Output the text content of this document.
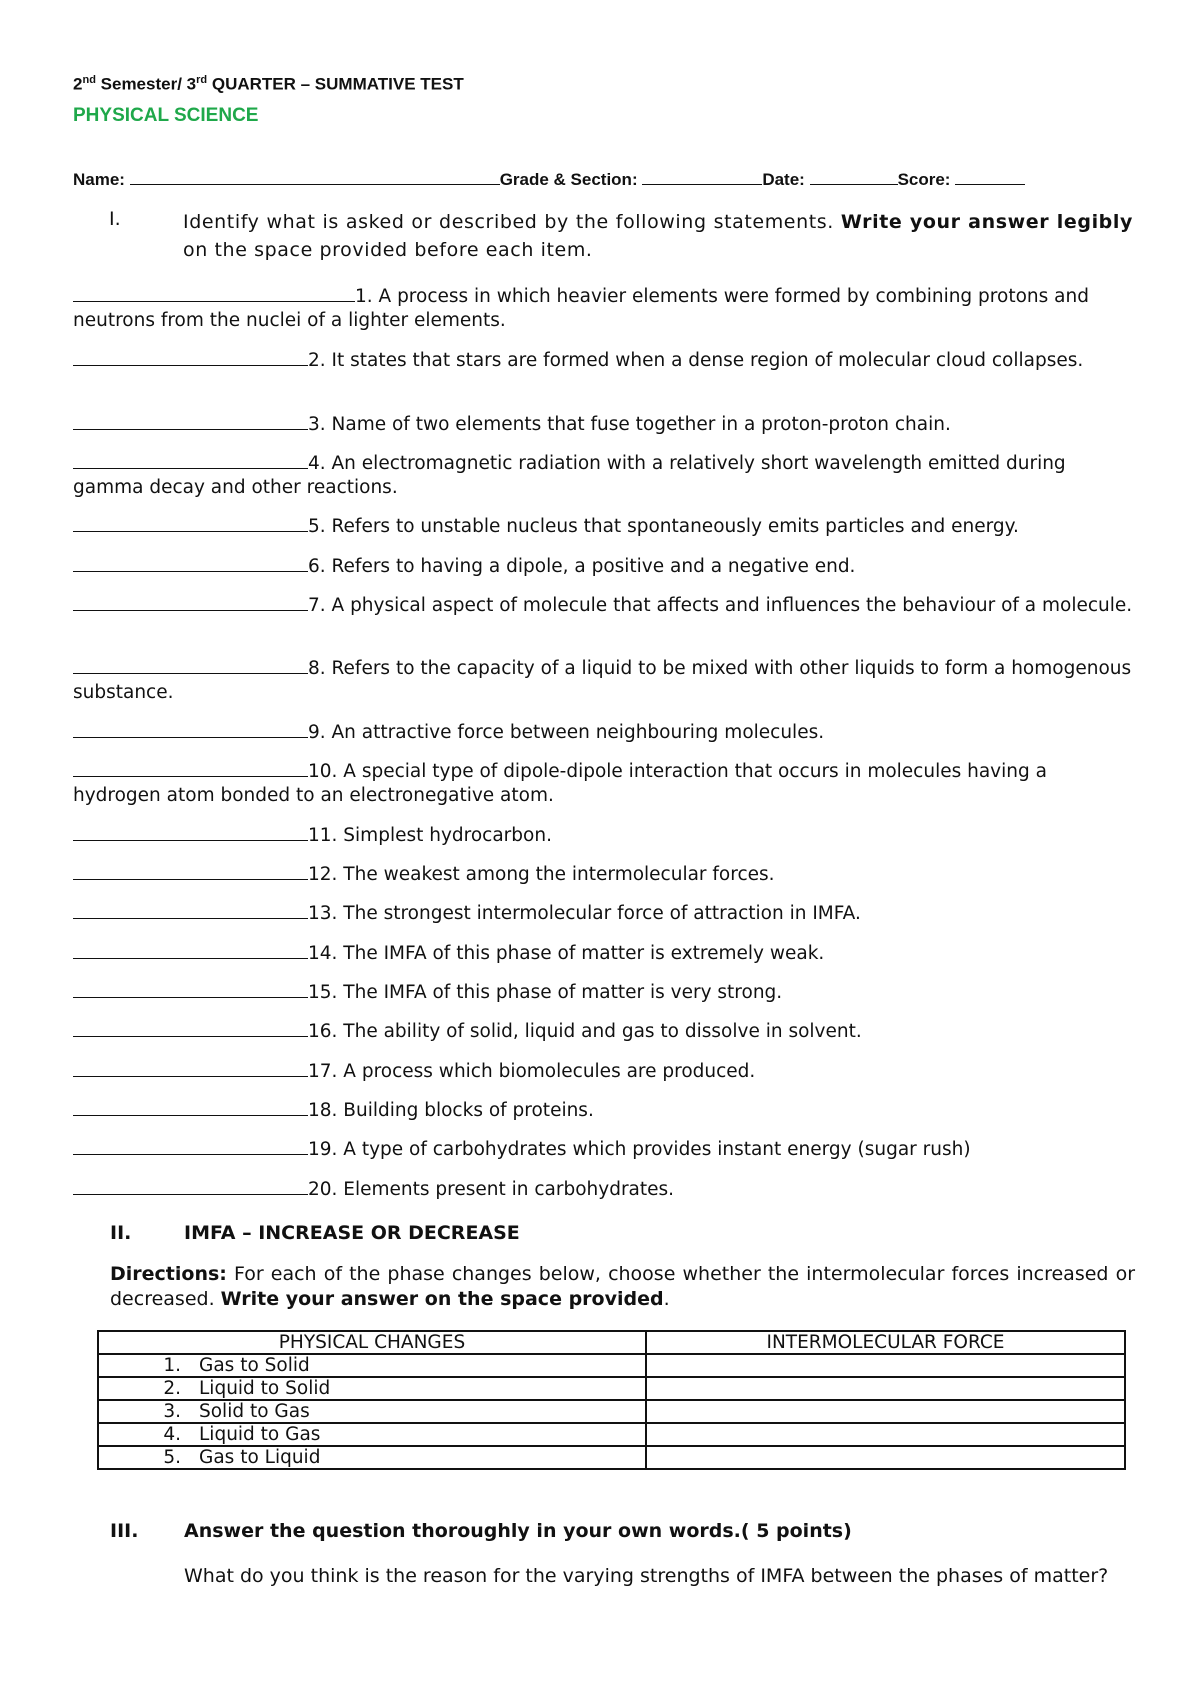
2nd Semester/ 3rd QUARTER – SUMMATIVE TEST
PHYSICAL SCIENCE
Name:	Grade & Section:	Date:	Score:
I.	Identify what is asked or described by the following statements. Write your answer legibly on the space provided before each item.
1. A process in which heavier elements were formed by combining protons and neutrons from the nuclei of a lighter elements.
2. It states that stars are formed when a dense region of molecular cloud collapses.
3. Name of two elements that fuse together in a proton-proton chain.
4. An electromagnetic radiation with a relatively short wavelength emitted during gamma decay and other reactions.
5. Refers to unstable nucleus that spontaneously emits particles and energy.
6. Refers to having a dipole, a positive and a negative end.
7. A physical aspect of molecule that affects and influences the behaviour of a molecule.
8. Refers to the capacity of a liquid to be mixed with other liquids to form a homogenous substance.
9. An attractive force between neighbouring molecules.
10. A special type of dipole-dipole interaction that occurs in molecules having a hydrogen atom bonded to an electronegative atom.
11. Simplest hydrocarbon.
12. The weakest among the intermolecular forces.
13. The strongest intermolecular force of attraction in IMFA.
14. The IMFA of this phase of matter is extremely weak.
15. The IMFA of this phase of matter is very strong.
16. The ability of solid, liquid and gas to dissolve in solvent.
17. A process which biomolecules are produced.
18. Building blocks of proteins.
19. A type of carbohydrates which provides instant energy (sugar rush)
20. Elements present in carbohydrates.
II.	IMFA – INCREASE OR DECREASE
Directions: For each of the phase changes below, choose whether the intermolecular forces increased or decreased. Write your answer on the space provided.
PHYSICAL CHANGES	INTERMOLECULAR FORCE
1. Gas to Solid	
2. Liquid to Solid	
3. Solid to Gas	
4. Liquid to Gas	
5. Gas to Liquid	
III. Answer the question thoroughly in your own words.( 5 points)
What do you think is the reason for the varying strengths of IMFA between the phases of matter?
